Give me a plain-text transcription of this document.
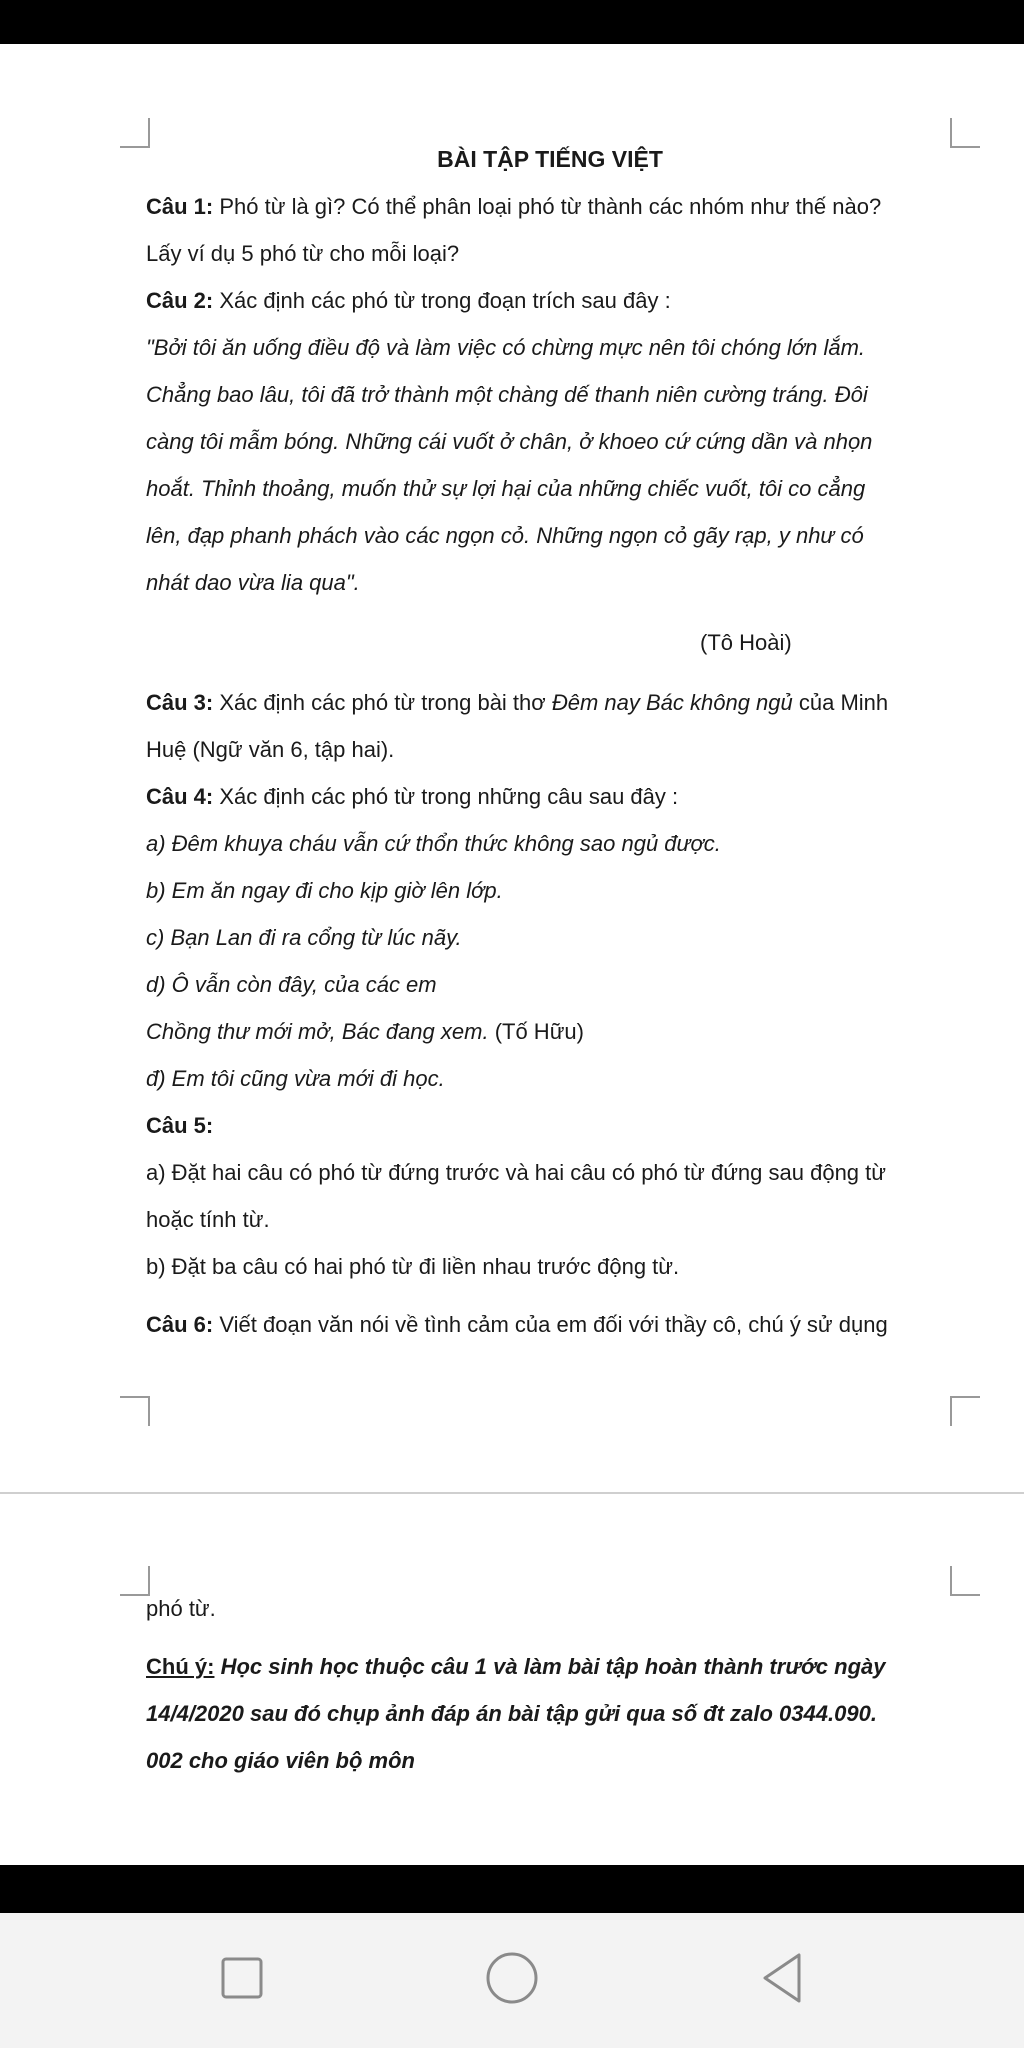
BÀI TẬP TIẾNG VIỆT
Câu 1: Phó từ là gì? Có thể phân loại phó từ thành các nhóm như thế nào?
Lấy ví dụ 5 phó từ cho mỗi loại?
Câu 2: Xác định các phó từ trong đoạn trích sau đây :
"Bởi tôi ăn uống điều độ và làm việc có chừng mực nên tôi chóng lớn lắm.
Chẳng bao lâu, tôi đã trở thành một chàng dế thanh niên cường tráng. Đôi
càng tôi mẫm bóng. Những cái vuốt ở chân, ở khoeo cứ cứng dần và nhọn
hoắt. Thỉnh thoảng, muốn thử sự lợi hại của những chiếc vuốt, tôi co cẳng
lên, đạp phanh phách vào các ngọn cỏ. Những ngọn cỏ gãy rạp, y như có
nhát dao vừa lia qua".
(Tô Hoài)
Câu 3: Xác định các phó từ trong bài thơ Đêm nay Bác không ngủ của Minh
Huệ (Ngữ văn 6, tập hai).
Câu 4: Xác định các phó từ trong những câu sau đây :
a) Đêm khuya cháu vẫn cứ thổn thức không sao ngủ được.
b) Em ăn ngay đi cho kịp giờ lên lớp.
c) Bạn Lan đi ra cổng từ lúc nãy.
d) Ô vẫn còn đây, của các em
Chồng thư mới mở, Bác đang xem. (Tố Hữu)
đ) Em tôi cũng vừa mới đi học.
Câu 5:
a) Đặt hai câu có phó từ đứng trước và hai câu có phó từ đứng sau động từ
hoặc tính từ.
b) Đặt ba câu có hai phó từ đi liền nhau trước động từ.
Câu 6: Viết đoạn văn nói về tình cảm của em đối với thầy cô, chú ý sử dụng
phó từ.
Chú ý: Học sinh học thuộc câu 1 và làm bài tập hoàn thành trước ngày
14/4/2020 sau đó chụp ảnh đáp án bài tập gửi qua số đt zalo 0344.090.
002 cho giáo viên bộ môn
